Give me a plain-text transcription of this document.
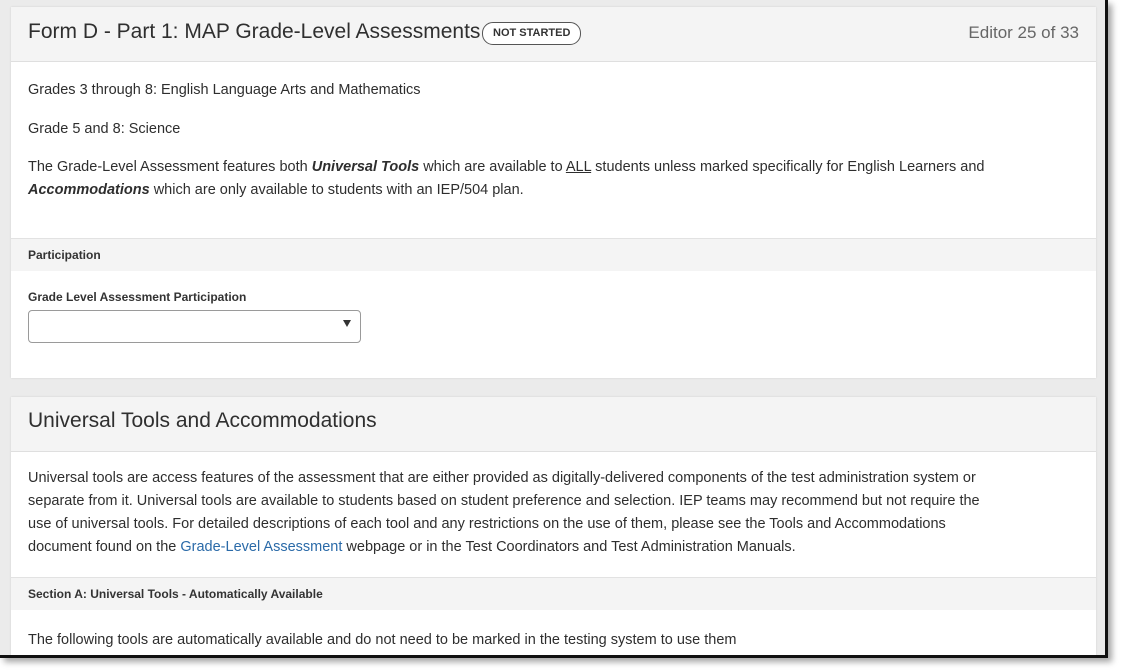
Form D - Part 1: MAP Grade-Level Assessments	NOT STARTED	Editor 25 of 33
Grades 3 through 8: English Language Arts and Mathematics
Grade 5 and 8: Science
The Grade-Level Assessment features both Universal Tools which are available to ALL students unless marked specifically for English Learners and
Accommodations which are only available to students with an IEP/504 plan.
Participation
Grade Level Assessment Participation
Universal Tools and Accommodations
Universal tools are access features of the assessment that are either provided as digitally-delivered components of the test administration system or
separate from it. Universal tools are available to students based on student preference and selection. IEP teams may recommend but not require the
use of universal tools. For detailed descriptions of each tool and any restrictions on the use of them, please see the Tools and Accommodations
document found on the Grade-Level Assessment webpage or in the Test Coordinators and Test Administration Manuals.
Section A: Universal Tools - Automatically Available
The following tools are automatically available and do not need to be marked in the testing system to use them
